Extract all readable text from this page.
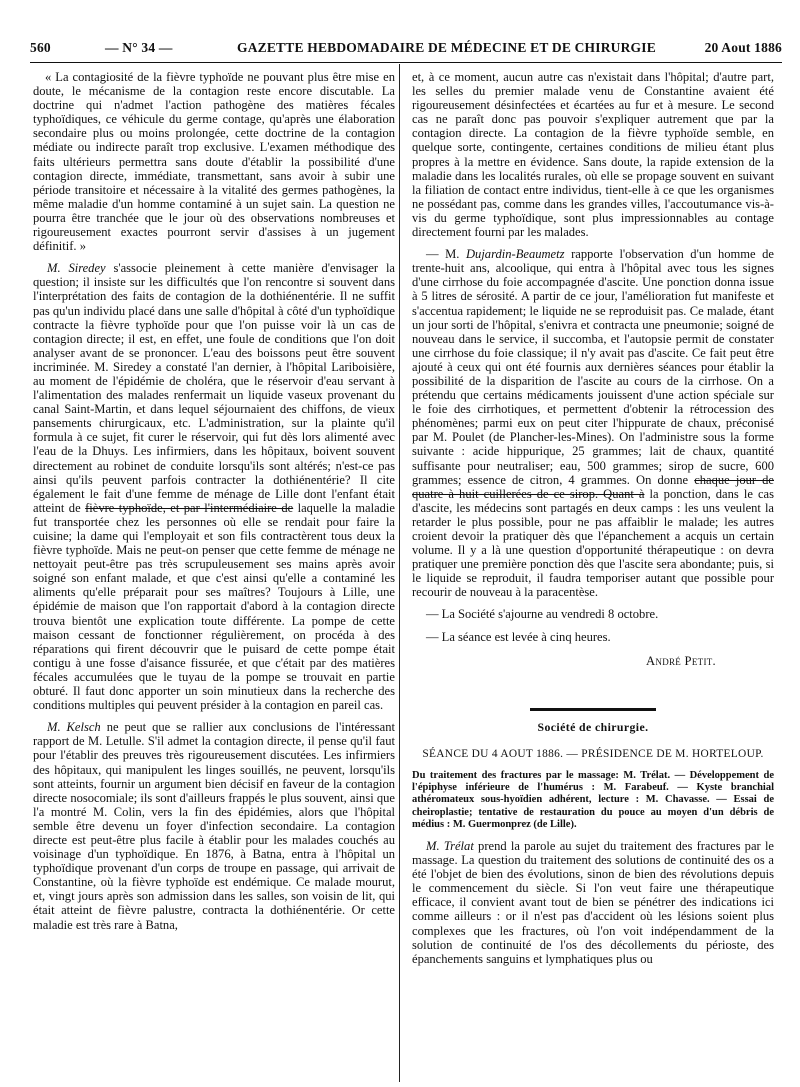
560	— N° 34 —	GAZETTE HEBDOMADAIRE DE MÉDECINE ET DE CHIRURGIE	20 Aout 1886

« La contagiosité de la fièvre typhoïde ne pouvant plus être mise en doute, le mécanisme de la contagion reste encore discutable. La doctrine qui n'admet l'action pathogène des matières fécales typhoïdiques, ce véhicule du germe contage, qu'après une élaboration secondaire plus ou moins prolongée, cette doctrine de la contagion médiate ou indirecte paraît trop exclusive. L'examen méthodique des faits ultérieurs permettra sans doute d'établir la possibilité d'une contagion directe, immédiate, transmettant, sans avoir à subir une période transitoire et nécessaire à la vitalité des germes pathogènes, la même maladie d'un homme contaminé à un sujet sain. La question ne pourra être tranchée que le jour où des observations nombreuses et rigoureusement exactes pourront servir d'assises à un jugement définitif. »

M. Siredey s'associe pleinement à cette manière d'envisager la question; il insiste sur les difficultés que l'on rencontre si souvent dans l'interprétation des faits de contagion de la dothiénentérie. Il ne suffit pas qu'un individu placé dans une salle d'hôpital à côté d'un typhoïdique contracte la fièvre typhoïde pour que l'on puisse voir là un cas de contagion directe; il est, en effet, une foule de conditions que l'on doit analyser avant de se prononcer. L'eau des boissons peut être souvent incriminée. M. Siredey a constaté l'an dernier, à l'hôpital Lariboisière, au moment de l'épidémie de choléra, que le réservoir d'eau servant à l'alimentation des malades renfermait un liquide vaseux provenant du canal Saint-Martin, et dans lequel séjournaient des chiffons, de vieux pansements chirurgicaux, etc. L'administration, sur la plainte qu'il formula à ce sujet, fit curer le réservoir, qui fut dès lors alimenté avec l'eau de la Dhuys. Les infirmiers, dans les hôpitaux, boivent souvent directement au robinet de conduite lorsqu'ils sont altérés; n'est-ce pas ainsi qu'ils peuvent parfois contracter la dothiénentérie? Il cite également le fait d'une femme de ménage de Lille dont l'enfant était atteint de fièvre typhoïde, et par l'intermédiaire de laquelle la maladie fut transportée chez les personnes où elle se rendait pour faire la cuisine; la dame qui l'employait et son fils contractèrent tous deux la fièvre typhoïde. Mais ne peut-on penser que cette femme de ménage ne nettoyait peut-être pas très scrupuleusement ses mains après avoir soigné son enfant malade, et que c'est ainsi qu'elle a contaminé les aliments qu'elle préparait pour ses maîtres? Toujours à Lille, une épidémie de maison que l'on rapportait d'abord à la contagion directe trouva bientôt une explication toute différente. La pompe de cette maison cessant de fonctionner régulièrement, on procéda à des réparations qui firent découvrir que le puisard de cette pompe était contigu à une fosse d'aisance fissurée, et que c'était par des matières fécales accumulées que le tuyau de la pompe se trouvait en partie obturé. Il faut donc apporter un soin minutieux dans la recherche des conditions multiples qui peuvent présider à la contagion en pareil cas.

M. Kelsch ne peut que se rallier aux conclusions de l'intéressant rapport de M. Letulle. S'il admet la contagion directe, il pense qu'il faut pour l'établir des preuves très rigoureusement discutées. Les infirmiers des hôpitaux, qui manipulent les linges souillés, ne peuvent, lorsqu'ils sont atteints, fournir un argument bien décisif en faveur de la contagion directe nosocomiale; ils sont d'ailleurs frappés le plus souvent, ainsi que l'a montré M. Colin, vers la fin des épidémies, alors que l'hôpital semble être devenu un foyer d'infection secondaire. La contagion directe est peut-être plus facile à établir pour les malades couchés au voisinage d'un typhoïdique. En 1876, à Batna, entra à l'hôpital un typhoïdique provenant d'un corps de troupe en passage, qui arrivait de Constantine, où la fièvre typhoïde est endémique. Ce malade mourut, et, vingt jours après son admission dans les salles, son voisin de lit, qui était atteint de fièvre palustre, contracta la dothiénentérie. Or cette maladie est très rare à Batna,

et, à ce moment, aucun autre cas n'existait dans l'hôpital; d'autre part, les selles du premier malade venu de Constantine avaient été rigoureusement désinfectées et écartées au fur et à mesure. Le second cas ne paraît donc pas pouvoir s'expliquer autrement que par la contagion directe. La contagion de la fièvre typhoïde semble, en quelque sorte, contingente, certaines conditions de milieu étant plus propres à la mettre en évidence. Sans doute, la rapide extension de la maladie dans les localités rurales, où elle se propage souvent en suivant la filiation de contact entre individus, tient-elle à ce que les organismes ne possédant pas, comme dans les grandes villes, l'accoutumance vis-à-vis du germe typhoïdique, sont plus impressionnables au contage directement fourni par les malades.

— M. Dujardin-Beaumetz rapporte l'observation d'un homme de trente-huit ans, alcoolique, qui entra à l'hôpital avec tous les signes d'une cirrhose du foie accompagnée d'ascite. Une ponction donna issue à 5 litres de sérosité. A partir de ce jour, l'amélioration fut manifeste et s'accentua rapidement; le liquide ne se reproduisit pas. Ce malade, étant un jour sorti de l'hôpital, s'enivra et contracta une pneumonie; soigné de nouveau dans le service, il succomba, et l'autopsie permit de constater une cirrhose du foie classique; il n'y avait pas d'ascite. Ce fait peut être ajouté à ceux qui ont été fournis aux dernières séances pour établir la possibilité de la disparition de l'ascite au cours de la cirrhose. On a prétendu que certains médicaments jouissent d'une action spéciale sur le foie des cirrhotiques, et permettent d'obtenir la rétrocession des phénomènes; parmi eux on peut citer l'hippurate de chaux, préconisé par M. Poulet (de Plancher-les-Mines). On l'administre sous la forme suivante : acide hippurique, 25 grammes; lait de chaux, quantité suffisante pour neutraliser; eau, 500 grammes; sirop de sucre, 600 grammes; essence de citron, 4 grammes. On donne chaque jour de quatre à huit cuillerées de ce sirop. Quant à la ponction, dans le cas d'ascite, les médecins sont partagés en deux camps : les uns veulent la retarder le plus possible, pour ne pas affaiblir le malade; les autres croient devoir la pratiquer dès que l'épanchement a acquis un certain volume. Il y a là une question d'opportunité thérapeutique : on devra pratiquer une première ponction dès que l'ascite sera abondante; puis, si le liquide se reproduit, il faudra temporiser autant que possible pour recourir de nouveau à la paracentèse.

— La Société s'ajourne au vendredi 8 octobre.

— La séance est levée à cinq heures.

André Petit.
Société de chirurgie.
SÉANCE DU 4 AOUT 1886. — PRÉSIDENCE DE M. HORTELOUP.
Du traitement des fractures par le massage: M. Trélat. — Développement de l'épiphyse inférieure de l'humérus : M. Farabeuf. — Kyste branchial athéromateux sous-hyoïdien adhérent, lecture : M. Chavasse. — Essai de cheiroplastie; tentative de restauration du pouce au moyen d'un débris de médius : M. Guermonprez (de Lille).

M. Trélat prend la parole au sujet du traitement des fractures par le massage. La question du traitement des solutions de continuité des os a été l'objet de bien des évolutions, sinon de bien des révolutions depuis le commencement du siècle. Si l'on veut faire une thérapeutique efficace, il convient avant tout de bien se pénétrer des indications ici comme ailleurs : or il n'est pas d'accident où les lésions soient plus complexes que les fractures, où l'on voit indépendamment de la solution de continuité de l'os des décollements du périoste, des épanchements sanguins et lymphatiques plus ou
